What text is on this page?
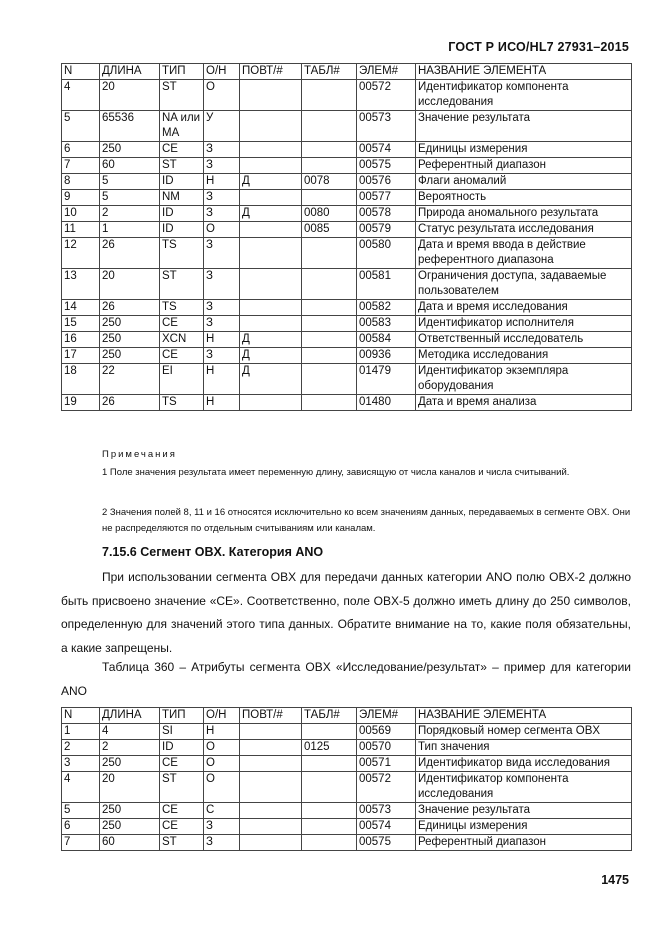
ГОСТ Р ИСО/HL7 27931–2015
N	ДЛИНА	ТИП	О/Н	ПОВТ/#	ТАБЛ#	ЭЛЕМ#	НАЗВАНИЕ ЭЛЕМЕНТА
4	20	ST	О			00572	Идентификатор компонента исследования
5	65536	NA или MA	У			00573	Значение результата
6	250	CE	З			00574	Единицы измерения
7	60	ST	З			00575	Референтный диапазон
8	5	ID	Н	Д	0078	00576	Флаги аномалий
9	5	NM	З			00577	Вероятность
10	2	ID	З	Д	0080	00578	Природа аномального результата
11	1	ID	О		0085	00579	Статус результата исследования
12	26	TS	З			00580	Дата и время ввода в действие референтного диапазона
13	20	ST	З			00581	Ограничения доступа, задаваемые пользователем
14	26	TS	З			00582	Дата и время исследования
15	250	CE	З			00583	Идентификатор исполнителя
16	250	XCN	Н	Д		00584	Ответственный исследователь
17	250	CE	З	Д		00936	Методика исследования
18	22	EI	Н	Д		01479	Идентификатор экземпляра оборудования
19	26	TS	Н			01480	Дата и время анализа
Примечания
1 Поле значения результата имеет переменную длину, зависящую от числа каналов и числа считываний.
2 Значения полей 8, 11 и 16 относятся исключительно ко всем значениям данных, передаваемых в сегменте OBX. Они не распределяются по отдельным считываниям или каналам.
7.15.6 Сегмент OBX. Категория ANO
При использовании сегмента OBX для передачи данных категории ANO полю OBX-2 должно быть присвоено значение «CE». Соответственно, поле OBX-5 должно иметь длину до 250 символов, определенную для значений этого типа данных. Обратите внимание на то, какие поля обязательны, а какие запрещены.
Таблица 360 – Атрибуты сегмента OBX «Исследование/результат» – пример для категории ANO
N	ДЛИНА	ТИП	О/Н	ПОВТ/#	ТАБЛ#	ЭЛЕМ#	НАЗВАНИЕ ЭЛЕМЕНТА
1	4	SI	Н			00569	Порядковый номер сегмента OBX
2	2	ID	О		0125	00570	Тип значения
3	250	CE	О			00571	Идентификатор вида исследования
4	20	ST	О			00572	Идентификатор компонента исследования
5	250	CE	С			00573	Значение результата
6	250	CE	З			00574	Единицы измерения
7	60	ST	З			00575	Референтный диапазон
1475
